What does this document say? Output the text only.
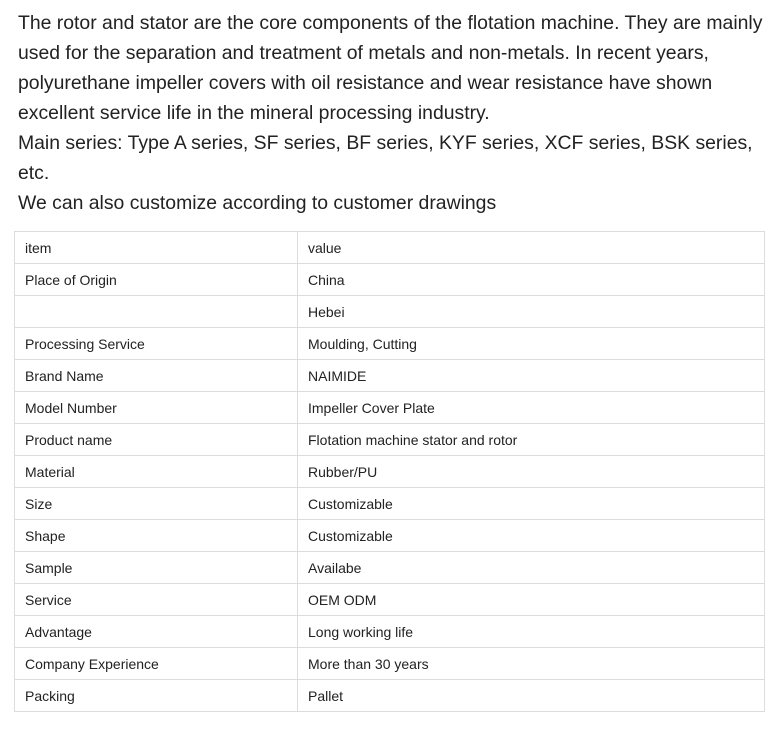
The rotor and stator are the core components of the flotation machine. They are mainly used for the separation and treatment of metals and non-metals. In recent years, polyurethane impeller covers with oil resistance and wear resistance have shown excellent service life in the mineral processing industry.

Main series: Type A series, SF series, BF series, KYF series, XCF series, BSK series, etc.

We can also customize according to customer drawings

item	value
Place of Origin	China
	Hebei
Processing Service	Moulding, Cutting
Brand Name	NAIMIDE
Model Number	Impeller Cover Plate
Product name	Flotation machine stator and rotor
Material	Rubber/PU
Size	Customizable
Shape	Customizable
Sample	Availabe
Service	OEM ODM
Advantage	Long working life
Company Experience	More than 30 years
Packing	Pallet
